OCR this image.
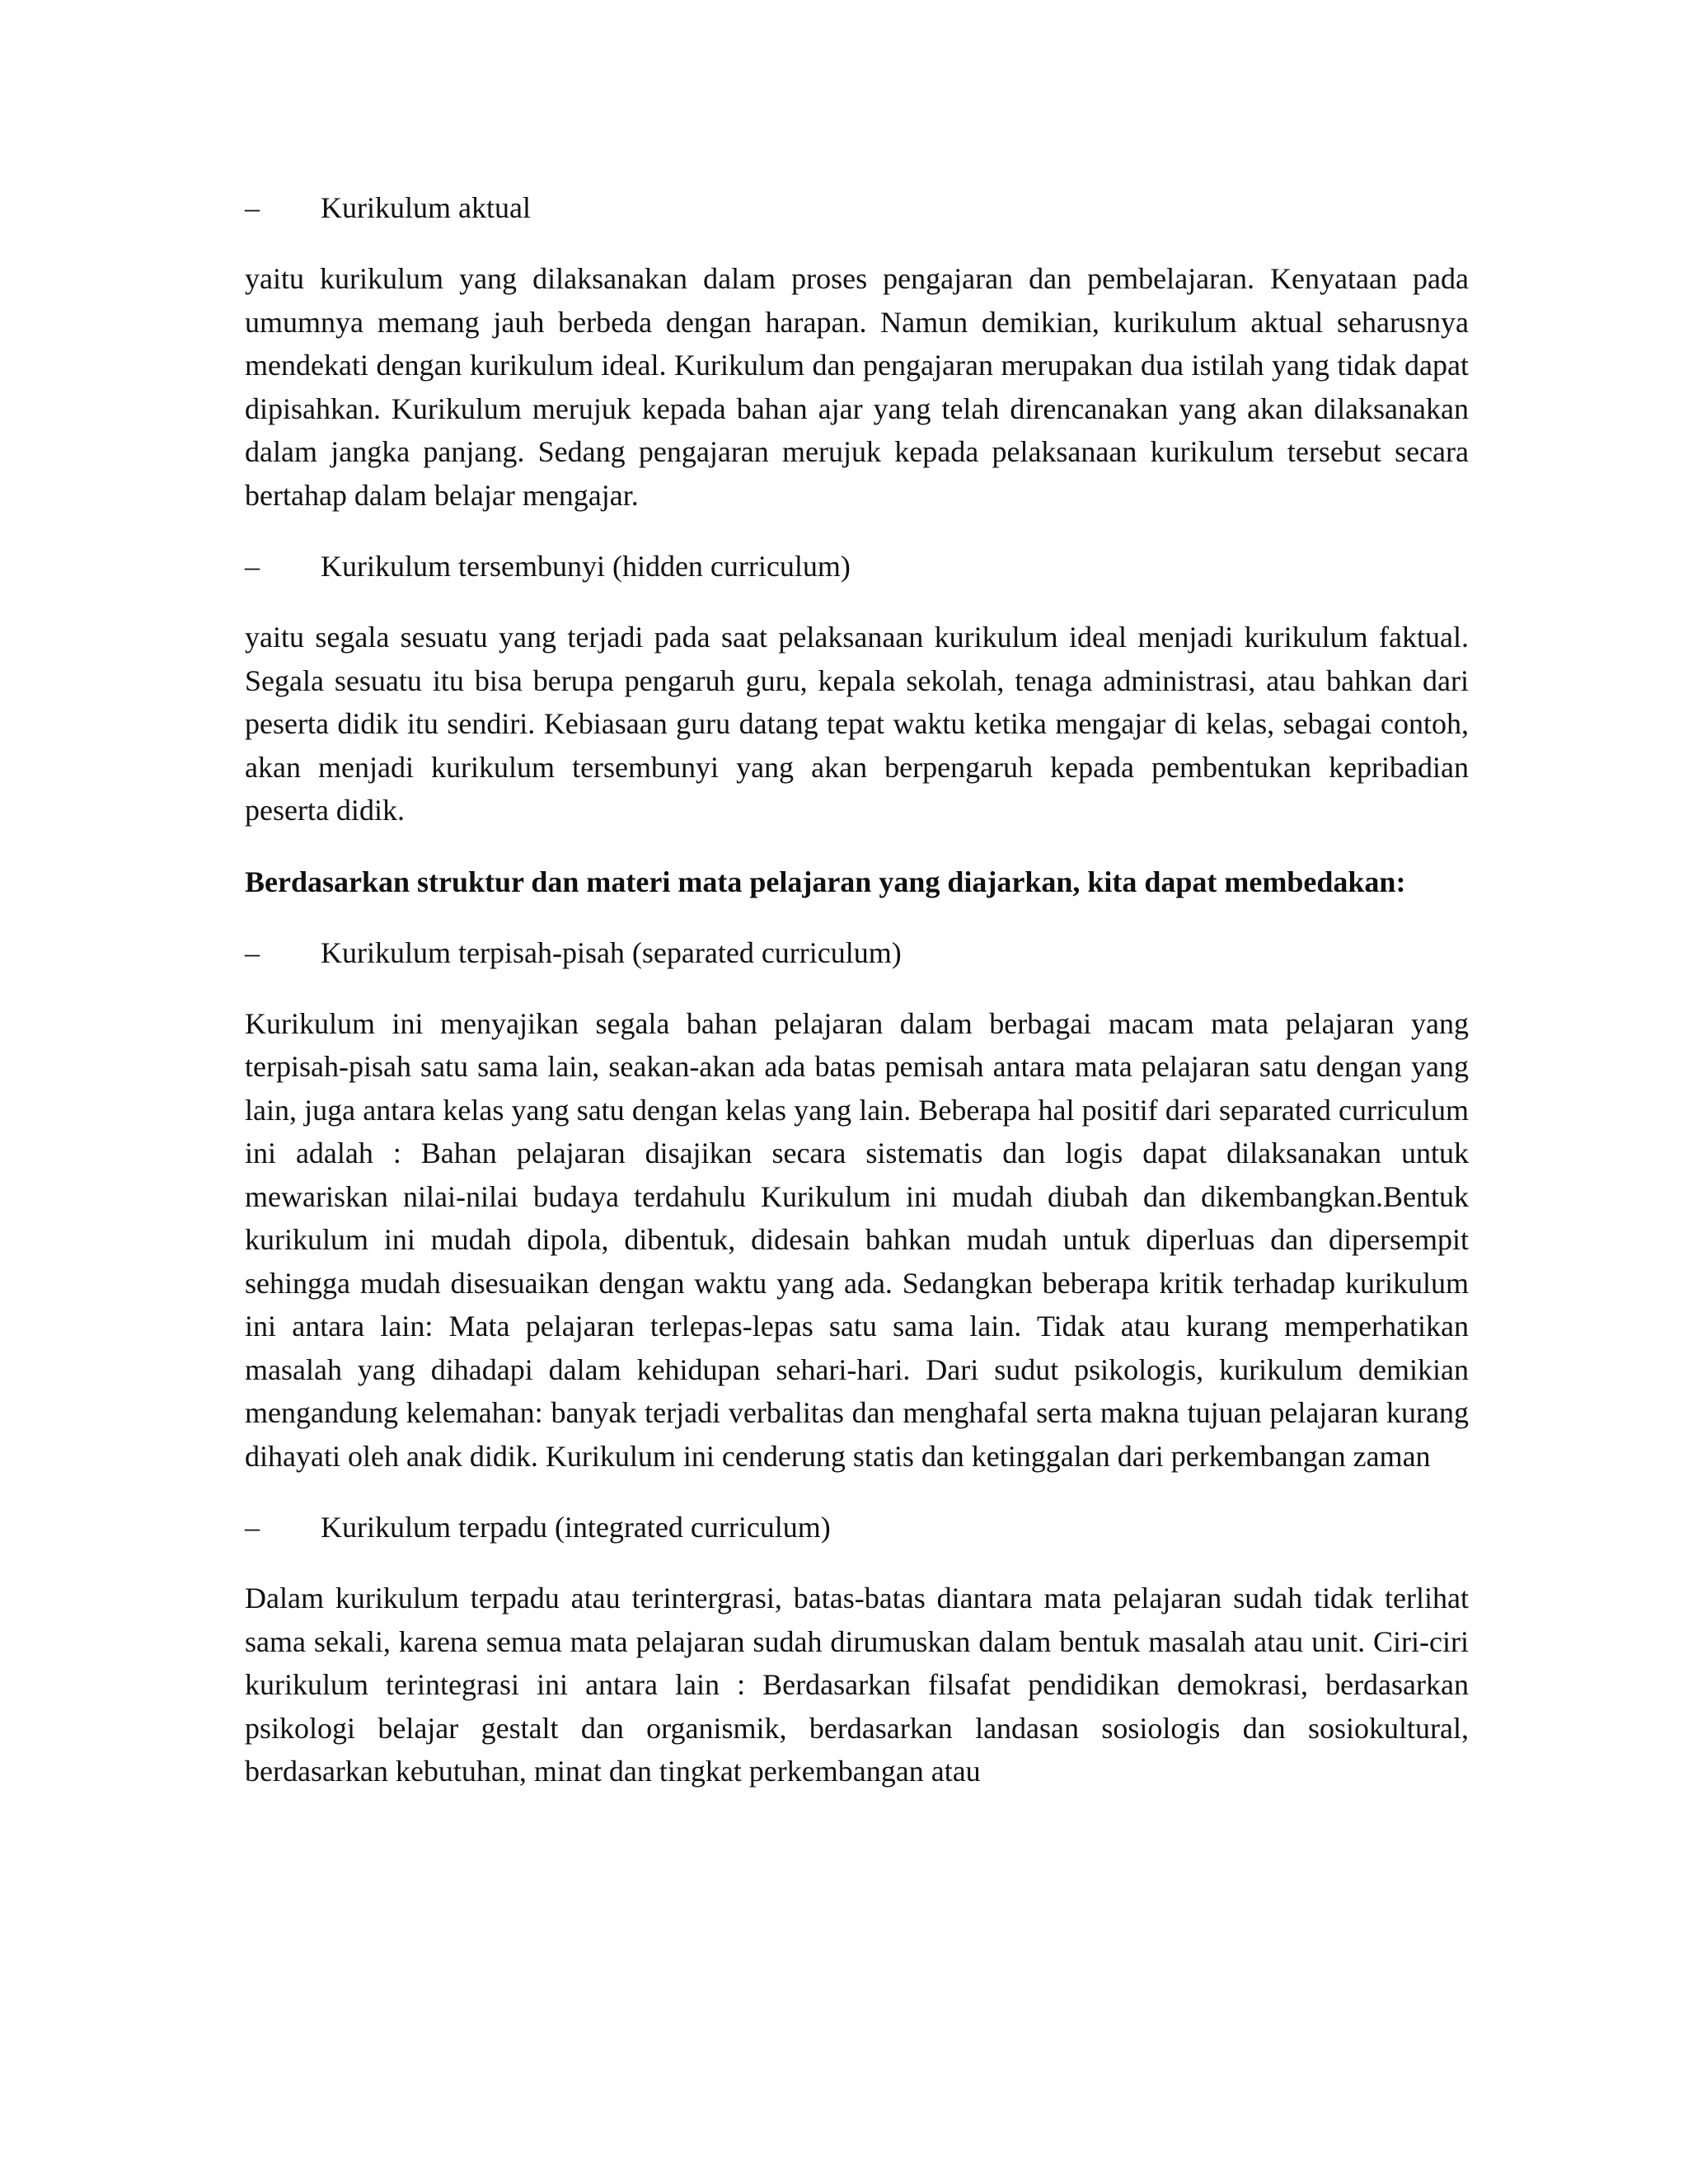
–	Kurikulum aktual

yaitu kurikulum yang dilaksanakan dalam proses pengajaran dan pembelajaran. Kenyataan pada umumnya memang jauh berbeda dengan harapan. Namun demikian, kurikulum aktual seharusnya mendekati dengan kurikulum ideal. Kurikulum dan pengajaran merupakan dua istilah yang tidak dapat dipisahkan. Kurikulum merujuk kepada bahan ajar yang telah direncanakan yang akan dilaksanakan dalam jangka panjang. Sedang pengajaran merujuk kepada pelaksanaan kurikulum tersebut secara bertahap dalam belajar mengajar.

–	Kurikulum tersembunyi (hidden curriculum)

yaitu segala sesuatu yang terjadi pada saat pelaksanaan kurikulum ideal menjadi kurikulum faktual. Segala sesuatu itu bisa berupa pengaruh guru, kepala sekolah, tenaga administrasi, atau bahkan dari peserta didik itu sendiri. Kebiasaan guru datang tepat waktu ketika mengajar di kelas, sebagai contoh, akan menjadi kurikulum tersembunyi yang akan berpengaruh kepada pembentukan kepribadian peserta didik.

Berdasarkan struktur dan materi mata pelajaran yang diajarkan, kita dapat membedakan:

–	Kurikulum terpisah-pisah (separated curriculum)

Kurikulum ini menyajikan segala bahan pelajaran dalam berbagai macam mata pelajaran yang terpisah-pisah satu sama lain, seakan-akan ada batas pemisah antara mata pelajaran satu dengan yang lain, juga antara kelas yang satu dengan kelas yang lain. Beberapa hal positif dari separated curriculum ini adalah : Bahan pelajaran disajikan secara sistematis dan logis dapat dilaksanakan untuk mewariskan nilai-nilai budaya terdahulu Kurikulum ini mudah diubah dan dikembangkan.Bentuk kurikulum ini mudah dipola, dibentuk, didesain bahkan mudah untuk diperluas dan dipersempit sehingga mudah disesuaikan dengan waktu yang ada. Sedangkan beberapa kritik terhadap kurikulum ini antara lain: Mata pelajaran terlepas-lepas satu sama lain. Tidak atau kurang memperhatikan masalah yang dihadapi dalam kehidupan sehari-hari. Dari sudut psikologis, kurikulum demikian mengandung kelemahan: banyak terjadi verbalitas dan menghafal serta makna tujuan pelajaran kurang dihayati oleh anak didik. Kurikulum ini cenderung statis dan ketinggalan dari perkembangan zaman

–	Kurikulum terpadu (integrated curriculum)

Dalam kurikulum terpadu atau terintergrasi, batas-batas diantara mata pelajaran sudah tidak terlihat sama sekali, karena semua mata pelajaran sudah dirumuskan dalam bentuk masalah atau unit. Ciri-ciri kurikulum terintegrasi ini antara lain : Berdasarkan filsafat pendidikan demokrasi, berdasarkan psikologi belajar gestalt dan organismik, berdasarkan landasan sosiologis dan sosiokultural, berdasarkan kebutuhan, minat dan tingkat perkembangan atau
